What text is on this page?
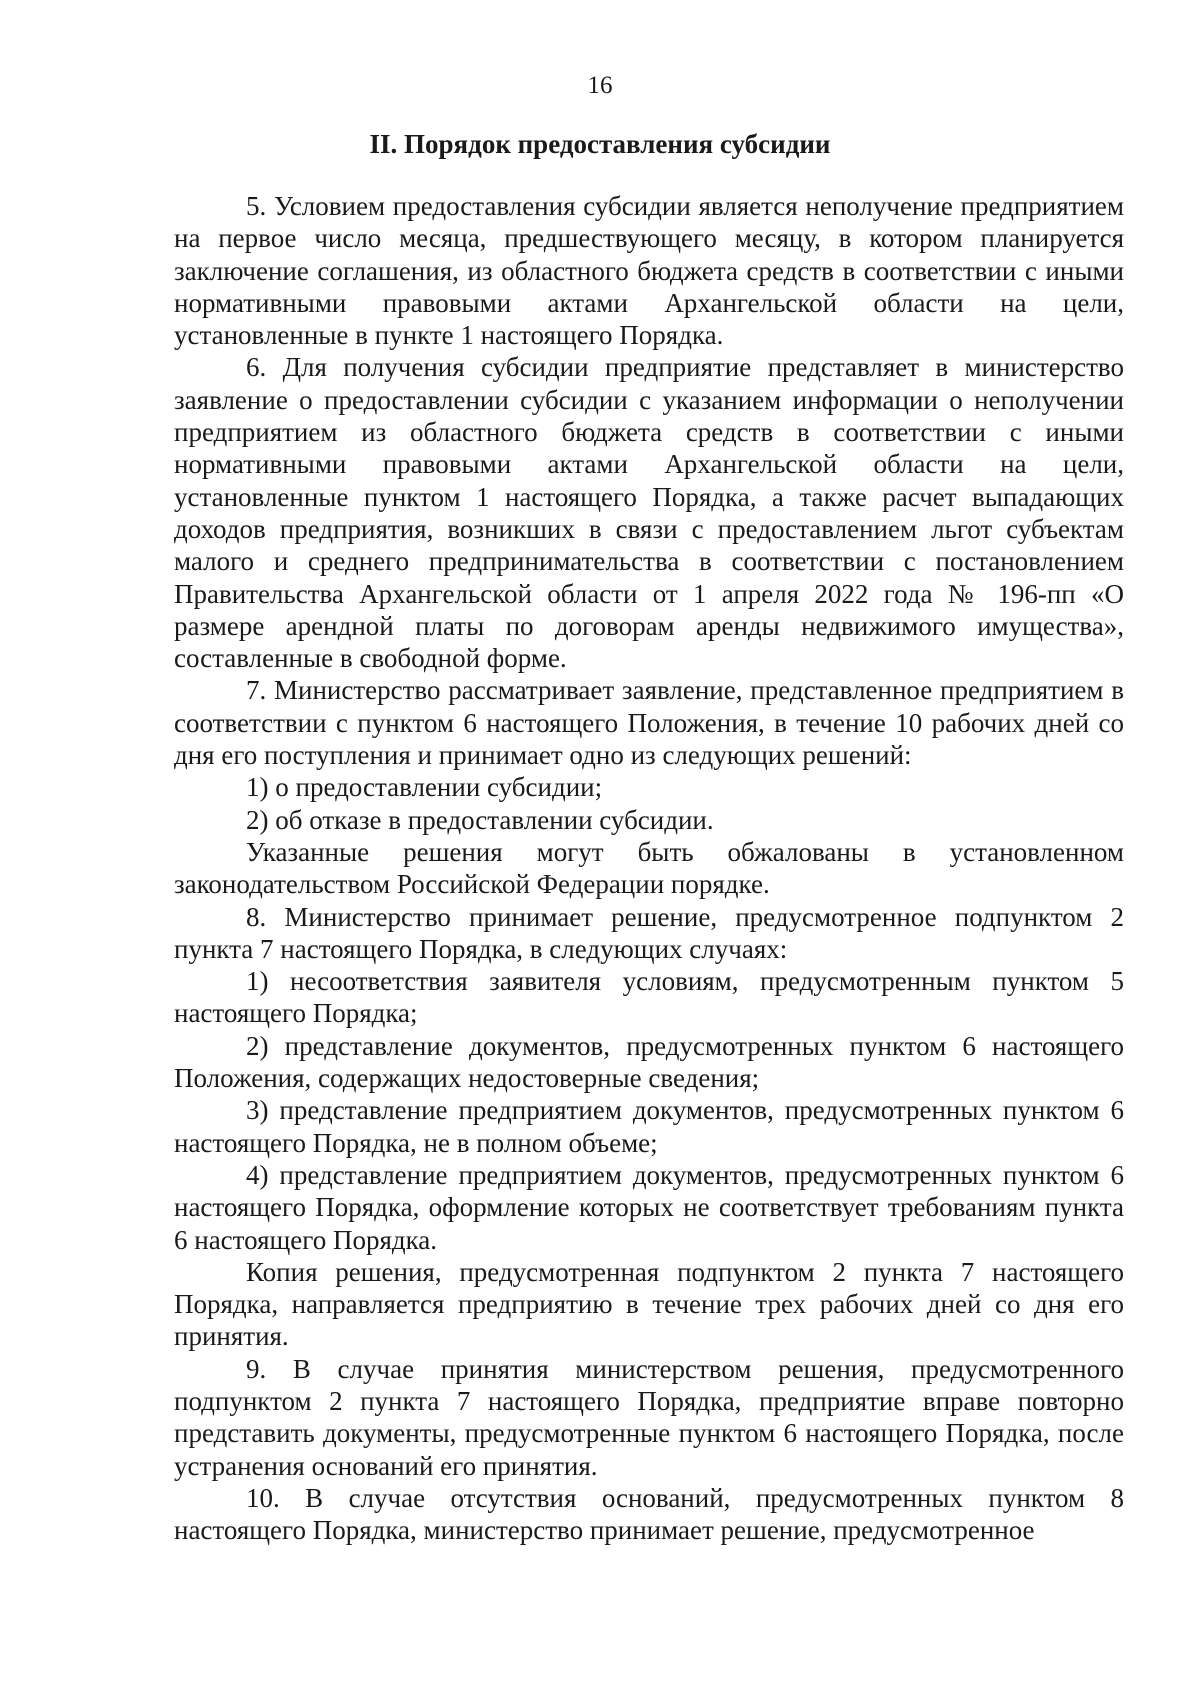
16
II. Порядок предоставления субсидии

5. Условием предоставления субсидии является неполучение предприятием на первое число месяца, предшествующего месяцу, в котором планируется заключение соглашения, из областного бюджета средств в соответствии с иными нормативными правовыми актами Архангельской области на цели, установленные в пункте 1 настоящего Порядка.

6. Для получения субсидии предприятие представляет в министерство заявление о предоставлении субсидии с указанием информации о неполучении предприятием из областного бюджета средств в соответствии с иными нормативными правовыми актами Архангельской области на цели, установленные пунктом 1 настоящего Порядка, а также расчет выпадающих доходов предприятия, возникших в связи с предоставлением льгот субъектам малого и среднего предпринимательства в соответствии с постановлением Правительства Архангельской области от 1 апреля 2022 года № 196-пп «О размере арендной платы по договорам аренды недвижимого имущества», составленные в свободной форме.

7. Министерство рассматривает заявление, представленное предприятием в соответствии с пунктом 6 настоящего Положения, в течение 10 рабочих дней со дня его поступления и принимает одно из следующих решений:

1) о предоставлении субсидии;

2) об отказе в предоставлении субсидии.

Указанные решения могут быть обжалованы в установленном законодательством Российской Федерации порядке.

8. Министерство принимает решение, предусмотренное подпунктом 2 пункта 7 настоящего Порядка, в следующих случаях:

1) несоответствия заявителя условиям, предусмотренным пунктом 5 настоящего Порядка;

2) представление документов, предусмотренных пунктом 6 настоящего Положения, содержащих недостоверные сведения;

3) представление предприятием документов, предусмотренных пунктом 6 настоящего Порядка, не в полном объеме;

4) представление предприятием документов, предусмотренных пунктом 6 настоящего Порядка, оформление которых не соответствует требованиям пункта 6 настоящего Порядка.

Копия решения, предусмотренная подпунктом 2 пункта 7 настоящего Порядка, направляется предприятию в течение трех рабочих дней со дня его принятия.

9. В случае принятия министерством решения, предусмотренного подпунктом 2 пункта 7 настоящего Порядка, предприятие вправе повторно представить документы, предусмотренные пунктом 6 настоящего Порядка, после устранения оснований его принятия.

10. В случае отсутствия оснований, предусмотренных пунктом 8 настоящего Порядка, министерство принимает решение, предусмотренное
